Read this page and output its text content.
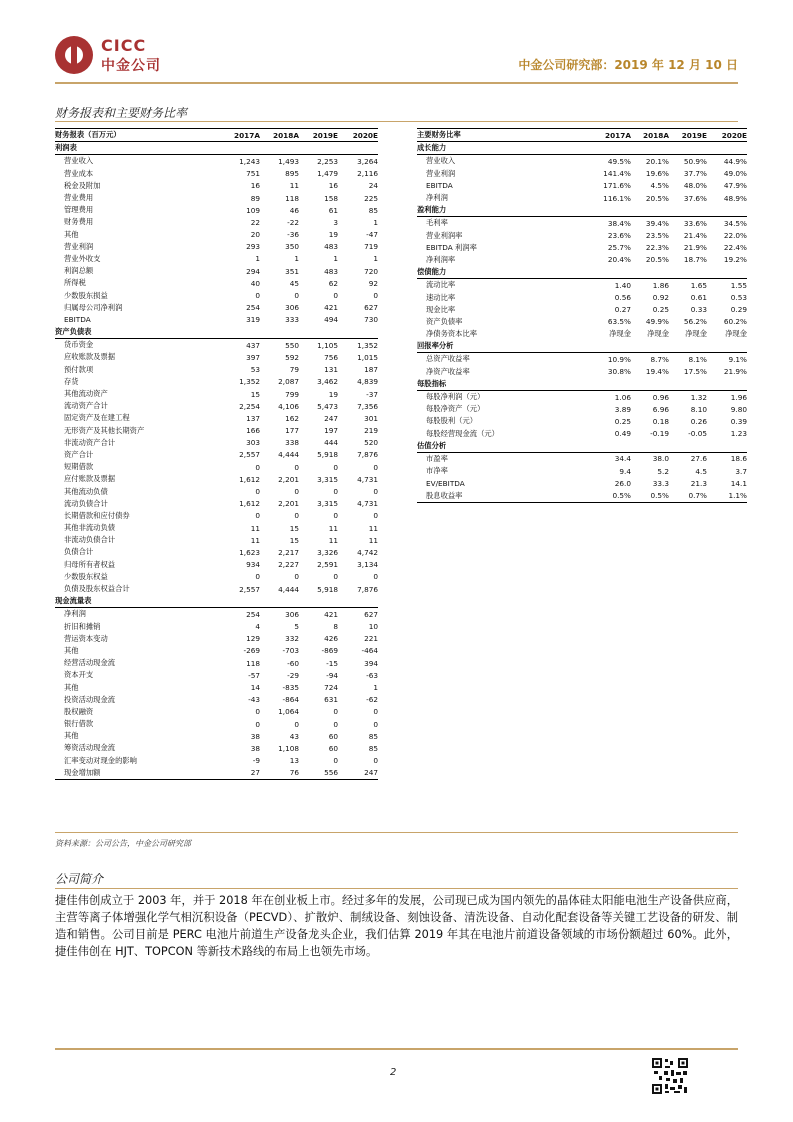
CICC
中金公司	中金公司研究部：2019 年 12 月 10 日
财务报表和主要财务比率
财务报表（百万元）	2017A	2018A	2019E	2020E
利润表				
营业收入	1,243	1,493	2,253	3,264
营业成本	751	895	1,479	2,116
税金及附加	16	11	16	24
营业费用	89	118	158	225
管理费用	109	46	61	85
财务费用	22	-22	3	1
其他	20	-36	19	-47
营业利润	293	350	483	719
营业外收支	1	1	1	1
利润总额	294	351	483	720
所得税	40	45	62	92
少数股东损益	0	0	0	0
归属母公司净利润	254	306	421	627
EBITDA	319	333	494	730
资产负债表				
货币资金	437	550	1,105	1,352
应收账款及票据	397	592	756	1,015
预付款项	53	79	131	187
存货	1,352	2,087	3,462	4,839
其他流动资产	15	799	19	-37
流动资产合计	2,254	4,106	5,473	7,356
固定资产及在建工程	137	162	247	301
无形资产及其他长期资产	166	177	197	219
非流动资产合计	303	338	444	520
资产合计	2,557	4,444	5,918	7,876
短期借款	0	0	0	0
应付账款及票据	1,612	2,201	3,315	4,731
其他流动负债	0	0	0	0
流动负债合计	1,612	2,201	3,315	4,731
长期借款和应付债券	0	0	0	0
其他非流动负债	11	15	11	11
非流动负债合计	11	15	11	11
负债合计	1,623	2,217	3,326	4,742
归母所有者权益	934	2,227	2,591	3,134
少数股东权益	0	0	0	0
负债及股东权益合计	2,557	4,444	5,918	7,876
现金流量表				
净利润	254	306	421	627
折旧和摊销	4	5	8	10
营运资本变动	129	332	426	221
其他	-269	-703	-869	-464
经营活动现金流	118	-60	-15	394
资本开支	-57	-29	-94	-63
其他	14	-835	724	1
投资活动现金流	-43	-864	631	-62
股权融资	0	1,064	0	0
银行借款	0	0	0	0
其他	38	43	60	85
筹资活动现金流	38	1,108	60	85
汇率变动对现金的影响	-9	13	0	0
现金增加额	27	76	556	247
主要财务比率	2017A	2018A	2019E	2020E
成长能力				
营业收入	49.5%	20.1%	50.9%	44.9%
营业利润	141.4%	19.6%	37.7%	49.0%
EBITDA	171.6%	4.5%	48.0%	47.9%
净利润	116.1%	20.5%	37.6%	48.9%
盈利能力				
毛利率	38.4%	39.4%	33.6%	34.5%
营业利润率	23.6%	23.5%	21.4%	22.0%
EBITDA 利润率	25.7%	22.3%	21.9%	22.4%
净利润率	20.4%	20.5%	18.7%	19.2%
偿债能力				
流动比率	1.40	1.86	1.65	1.55
速动比率	0.56	0.92	0.61	0.53
现金比率	0.27	0.25	0.33	0.29
资产负债率	63.5%	49.9%	56.2%	60.2%
净债务资本比率	净现金	净现金	净现金	净现金
回报率分析				
总资产收益率	10.9%	8.7%	8.1%	9.1%
净资产收益率	30.8%	19.4%	17.5%	21.9%
每股指标				
每股净利润（元）	1.06	0.96	1.32	1.96
每股净资产（元）	3.89	6.96	8.10	9.80
每股股利（元）	0.25	0.18	0.26	0.39
每股经营现金流（元）	0.49	-0.19	-0.05	1.23
估值分析				
市盈率	34.4	38.0	27.6	18.6
市净率	9.4	5.2	4.5	3.7
EV/EBITDA	26.0	33.3	21.3	14.1
股息收益率	0.5%	0.5%	0.7%	1.1%
资料来源：公司公告，中金公司研究部
公司简介
捷佳伟创成立于 2003 年，并于 2018 年在创业板上市。经过多年的发展，公司现已成为国内领先的晶体硅太阳能电池生产设备供应商，主营等离子体增强化学气相沉积设备（PECVD）、扩散炉、制绒设备、刻蚀设备、清洗设备、自动化配套设备等关键工艺设备的研发、制造和销售。公司目前是 PERC 电池片前道生产设备龙头企业，我们估算 2019 年其在电池片前道设备领域的市场份额超过 60%。此外，捷佳伟创在 HJT、TOPCON 等新技术路线的布局上也领先市场。
2
